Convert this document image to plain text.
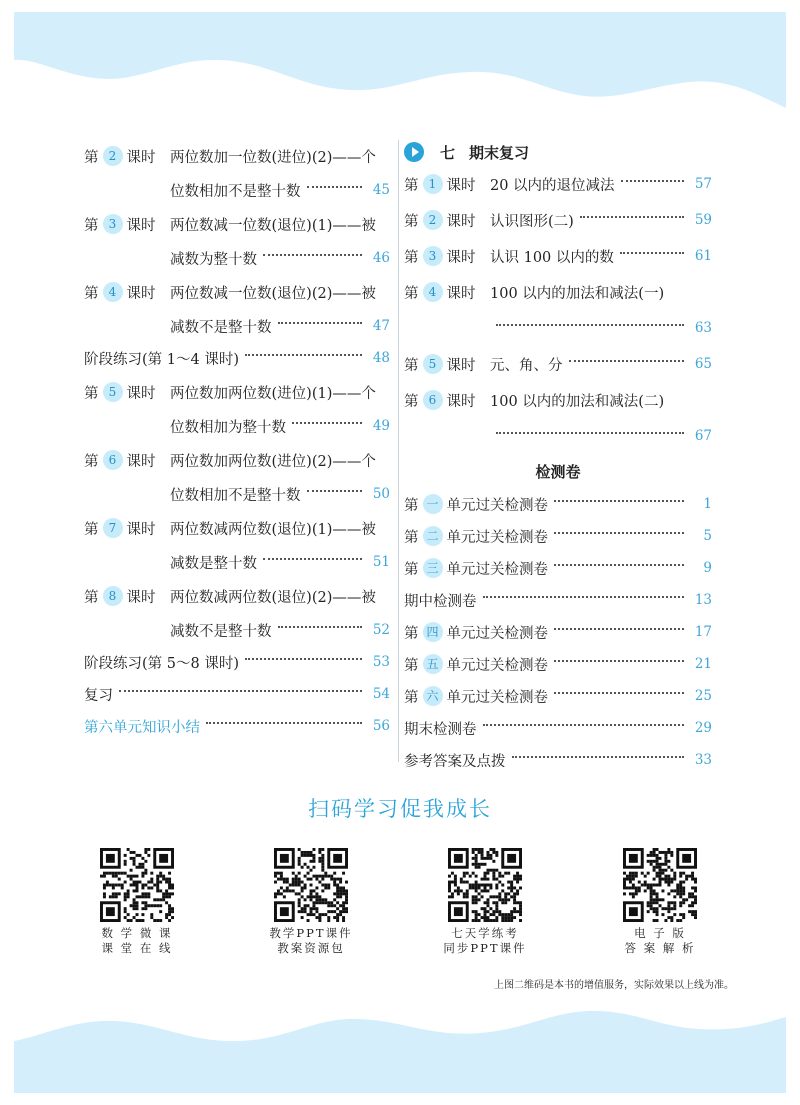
第 2 课时 两位数加一位数(进位)(2)——个
位数相加不是整十数	45
第 3 课时 两位数减一位数(退位)(1)——被
减数为整十数	46
第 4 课时 两位数减一位数(退位)(2)——被
减数不是整十数	47
阶段练习(第 1～4 课时)	48
第 5 课时 两位数加两位数(进位)(1)——个
位数相加为整十数	49
第 6 课时 两位数加两位数(进位)(2)——个
位数相加不是整十数	50
第 7 课时 两位数减两位数(退位)(1)——被
减数是整十数	51
第 8 课时 两位数减两位数(退位)(2)——被
减数不是整十数	52
阶段练习(第 5～8 课时)	53
复习	54
第六单元知识小结	56
七 期末复习
第 1 课时 20 以内的退位减法	57
第 2 课时 认识图形(二)	59
第 3 课时 认识 100 以内的数	61
第 4 课时 100 以内的加法和减法(一)
63
第 5 课时 元、角、分	65
第 6 课时 100 以内的加法和减法(二)
67
检测卷
第 一 单元过关检测卷	1
第 二 单元过关检测卷	5
第 三 单元过关检测卷	9
期中检测卷	13
第 四 单元过关检测卷	17
第 五 单元过关检测卷	21
第 六 单元过关检测卷	25
期末检测卷	29
参考答案及点拨	33
扫码学习促我成长
数 学 微 课
课 堂 在 线
教学PPT课件
教案资源包
七天学练考
同步PPT课件
电 子 版
答 案 解 析
上图二维码是本书的增值服务，实际效果以上线为准。
